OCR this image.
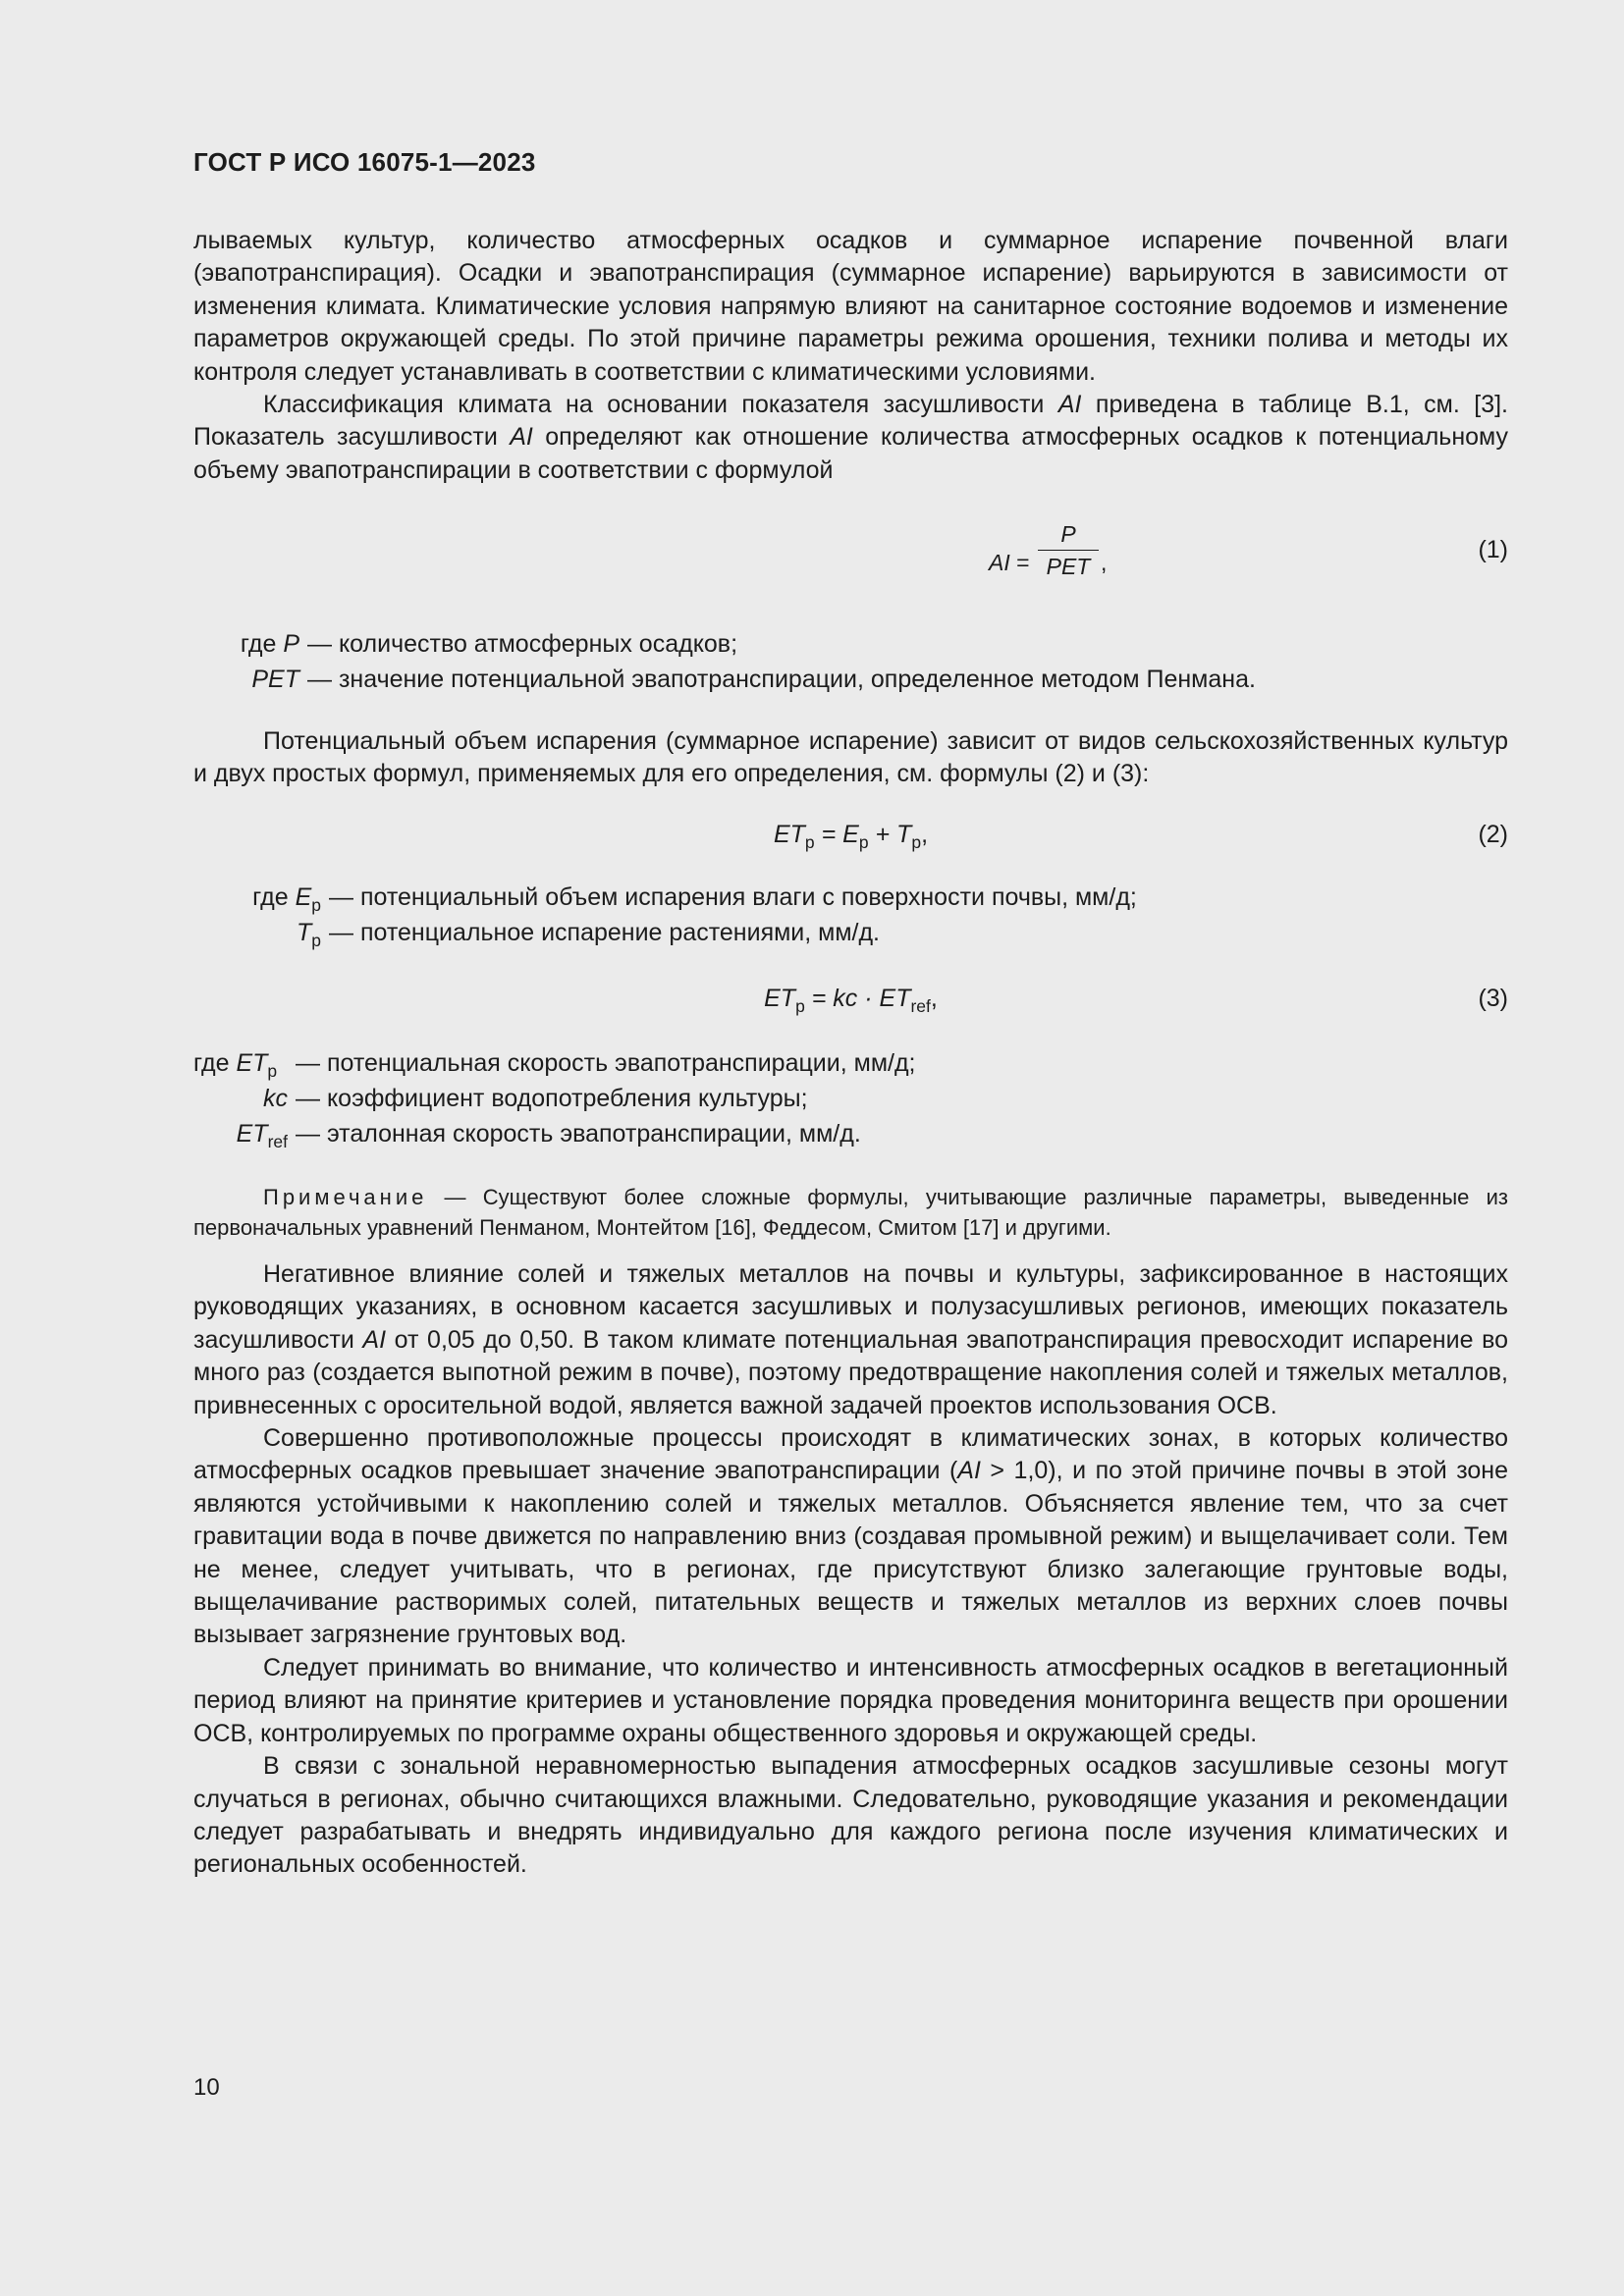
ГОСТ Р ИСО 16075-1—2023

лываемых культур, количество атмосферных осадков и суммарное испарение почвенной влаги (эвапотранспирация). Осадки и эвапотранспирация (суммарное испарение) варьируются в зависимости от изменения климата. Климатические условия напрямую влияют на санитарное состояние водоемов и изменение параметров окружающей среды. По этой причине параметры режима орошения, техники полива и методы их контроля следует устанавливать в соответствии с климатическими условиями.

Классификация климата на основании показателя засушливости AI приведена в таблице В.1, см. [3]. Показатель засушливости AI определяют как отношение количества атмосферных осадков к потенциальному объему эвапотранспирации в соответствии с формулой

AI =
P
PET ,	(1)
где P — количество атмосферных осадков;
PET — значение потенциальной эвапотранспирации, определенное методом Пенмана.

Потенциальный объем испарения (суммарное испарение) зависит от видов сельскохозяйственных культур и двух простых формул, применяемых для его определения, см. формулы (2) и (3):

$ET_p = E_p + T_p$,	(2)
где $E_p$ — потенциальный объем испарения влаги с поверхности почвы, мм/д;
$T_p$ — потенциальное испарение растениями, мм/д.
$ET_p$ = kc · $ET_{ref}$,	(3)
где $ET_p$ — потенциальная скорость эвапотранспирации, мм/д;
kc — коэффициент водопотребления культуры;
$ET_{ref}$ — эталонная скорость эвапотранспирации, мм/д.

Примечание — Существуют более сложные формулы, учитывающие различные параметры, выведенные из первоначальных уравнений Пенманом, Монтейтом [16], Феддесом, Смитом [17] и другими.

Негативное влияние солей и тяжелых металлов на почвы и культуры, зафиксированное в настоящих руководящих указаниях, в основном касается засушливых и полузасушливых регионов, имеющих показатель засушливости AI от 0,05 до 0,50. В таком климате потенциальная эвапотранспирация превосходит испарение во много раз (создается выпотной режим в почве), поэтому предотвращение накопления солей и тяжелых металлов, привнесенных с оросительной водой, является важной задачей проектов использования ОСВ.

Совершенно противоположные процессы происходят в климатических зонах, в которых количество атмосферных осадков превышает значение эвапотранспирации (AI > 1,0), и по этой причине почвы в этой зоне являются устойчивыми к накоплению солей и тяжелых металлов. Объясняется явление тем, что за счет гравитации вода в почве движется по направлению вниз (создавая промывной режим) и выщелачивает соли. Тем не менее, следует учитывать, что в регионах, где присутствуют близко залегающие грунтовые воды, выщелачивание растворимых солей, питательных веществ и тяжелых металлов из верхних слоев почвы вызывает загрязнение грунтовых вод.

Следует принимать во внимание, что количество и интенсивность атмосферных осадков в вегетационный период влияют на принятие критериев и установление порядка проведения мониторинга веществ при орошении ОСВ, контролируемых по программе охраны общественного здоровья и окружающей среды.

В связи с зональной неравномерностью выпадения атмосферных осадков засушливые сезоны могут случаться в регионах, обычно считающихся влажными. Следовательно, руководящие указания и рекомендации следует разрабатывать и внедрять индивидуально для каждого региона после изучения климатических и региональных особенностей.

10
